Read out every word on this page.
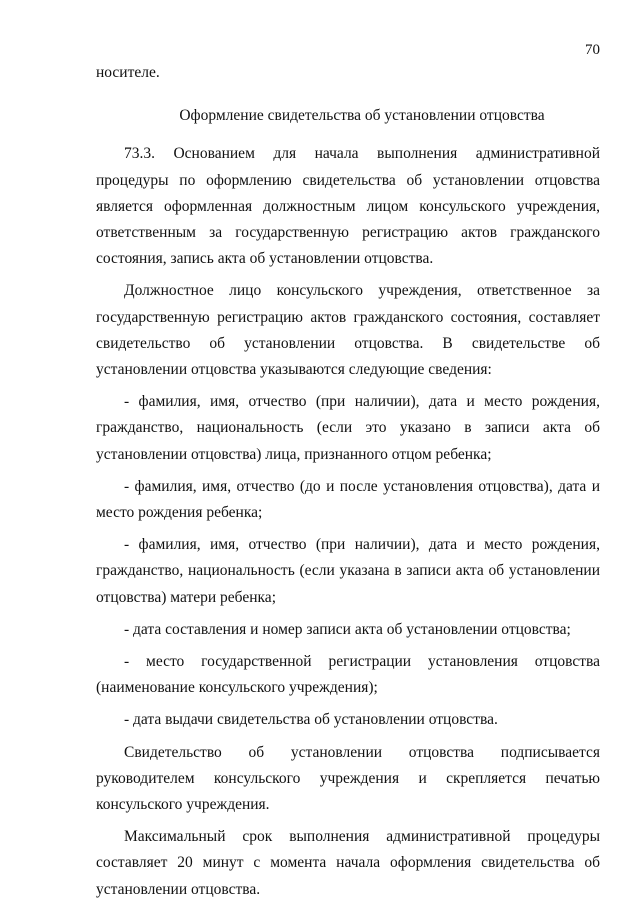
70

носителе.

Оформление свидетельства об установлении отцовства

73.3. Основанием для начала выполнения административной процедуры по оформлению свидетельства об установлении отцовства является оформленная должностным лицом консульского учреждения, ответственным за государственную регистрацию актов гражданского состояния, запись акта об установлении отцовства.

Должностное лицо консульского учреждения, ответственное за государственную регистрацию актов гражданского состояния, составляет свидетельство об установлении отцовства. В свидетельстве об установлении отцовства указываются следующие сведения:

- фамилия, имя, отчество (при наличии), дата и место рождения, гражданство, национальность (если это указано в записи акта об установлении отцовства) лица, признанного отцом ребенка;

- фамилия, имя, отчество (до и после установления отцовства), дата и место рождения ребенка;

- фамилия, имя, отчество (при наличии), дата и место рождения, гражданство, национальность (если указана в записи акта об установлении отцовства) матери ребенка;

- дата составления и номер записи акта об установлении отцовства;

- место государственной регистрации установления отцовства (наименование консульского учреждения);

- дата выдачи свидетельства об установлении отцовства.

Свидетельство об установлении отцовства подписывается руководителем консульского учреждения и скрепляется печатью консульского учреждения.

Максимальный срок выполнения административной процедуры составляет 20 минут с момента начала оформления свидетельства об установлении отцовства.
